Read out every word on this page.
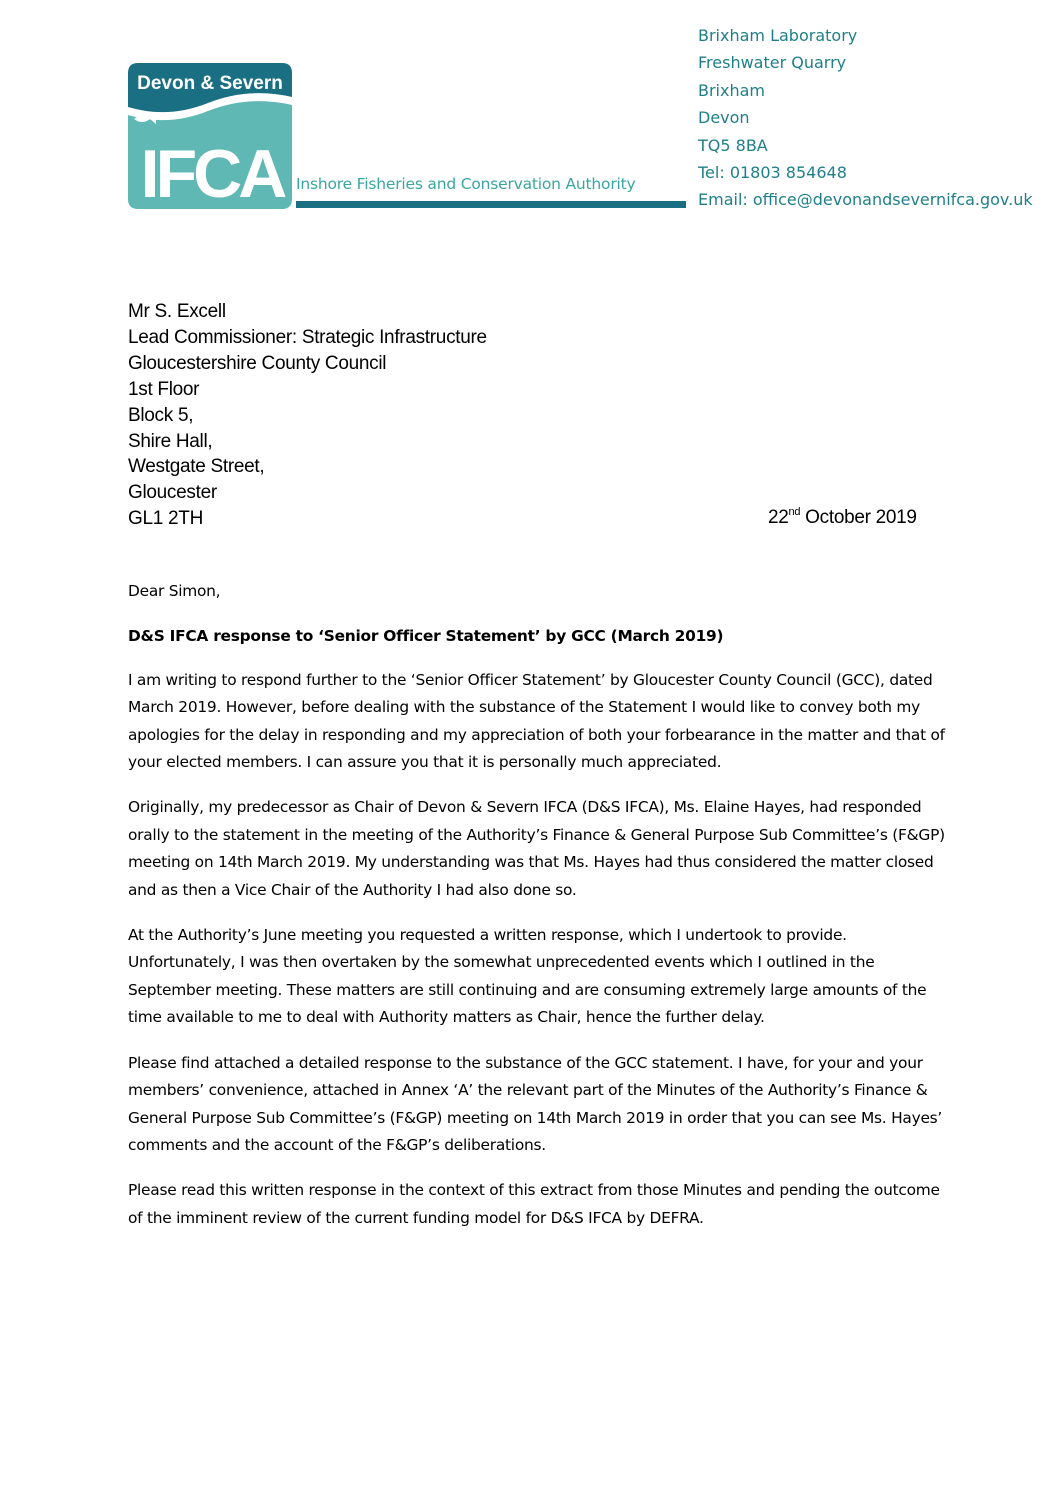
Devon & Severn
IFCA Inshore Fisheries and Conservation Authority
Brixham Laboratory
Freshwater Quarry
Brixham
Devon
TQ5 8BA
Tel: 01803 854648
Email: office@devonandsevernifca.gov.uk
Mr S. Excell
Lead Commissioner: Strategic Infrastructure
Gloucestershire County Council
1st Floor
Block 5,
Shire Hall,
Westgate Street,
Gloucester
GL1 2TH	22nd October 2019
Dear Simon,
D&S IFCA response to ‘Senior Officer Statement’ by GCC (March 2019)

I am writing to respond further to the ‘Senior Officer Statement’ by Gloucester County Council (GCC), dated March 2019. However, before dealing with the substance of the Statement I would like to convey both my apologies for the delay in responding and my appreciation of both your forbearance in the matter and that of your elected members. I can assure you that it is personally much appreciated.

Originally, my predecessor as Chair of Devon & Severn IFCA (D&S IFCA), Ms. Elaine Hayes, had responded orally to the statement in the meeting of the Authority’s Finance & General Purpose Sub Committee’s (F&GP) meeting on 14th March 2019. My understanding was that Ms. Hayes had thus considered the matter closed and as then a Vice Chair of the Authority I had also done so.

At the Authority’s June meeting you requested a written response, which I undertook to provide. Unfortunately, I was then overtaken by the somewhat unprecedented events which I outlined in the September meeting. These matters are still continuing and are consuming extremely large amounts of the time available to me to deal with Authority matters as Chair, hence the further delay.

Please find attached a detailed response to the substance of the GCC statement. I have, for your and your members’ convenience, attached in Annex ‘A’ the relevant part of the Minutes of the Authority’s Finance & General Purpose Sub Committee’s (F&GP) meeting on 14th March 2019 in order that you can see Ms. Hayes’ comments and the account of the F&GP’s deliberations.

Please read this written response in the context of this extract from those Minutes and pending the outcome of the imminent review of the current funding model for D&S IFCA by DEFRA.
